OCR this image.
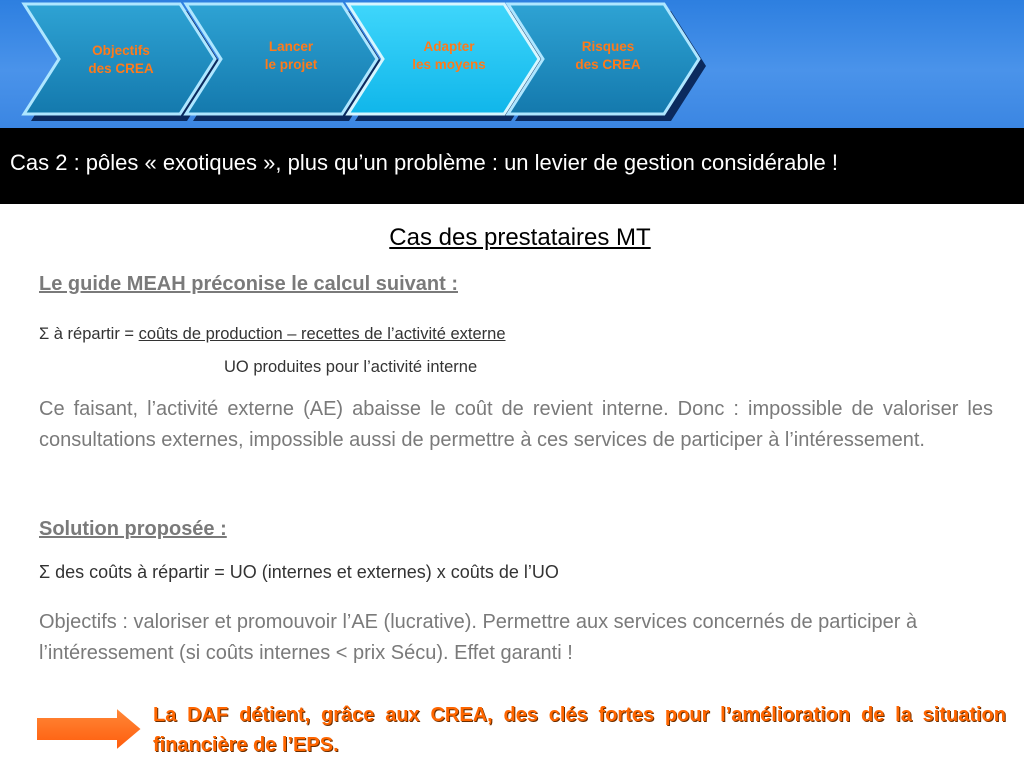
Objectifs
des CREA
Lancer
le projet
Adapter
les moyens
Risques
des CREA
Cas 2 : pôles « exotiques », plus qu’un problème : un levier de gestion considérable !
Cas des prestataires MT
Le guide MEAH préconise le calcul suivant :
Σ à répartir = coûts de production – recettes de l’activité externe
UO produites pour l’activité interne
Ce faisant, l’activité externe (AE) abaisse le coût de revient interne. Donc : impossible de valoriser les consultations externes, impossible aussi de permettre à ces services de participer à l’intéressement.
Solution proposée :
Σ des coûts à répartir = UO (internes et externes) x coûts de l’UO
Objectifs : valoriser et promouvoir l’AE (lucrative). Permettre aux services concernés de participer à l’intéressement (si coûts internes < prix Sécu). Effet garanti !
La DAF détient, grâce aux CREA, des clés fortes pour l’amélioration de la situation financière de l’EPS.
